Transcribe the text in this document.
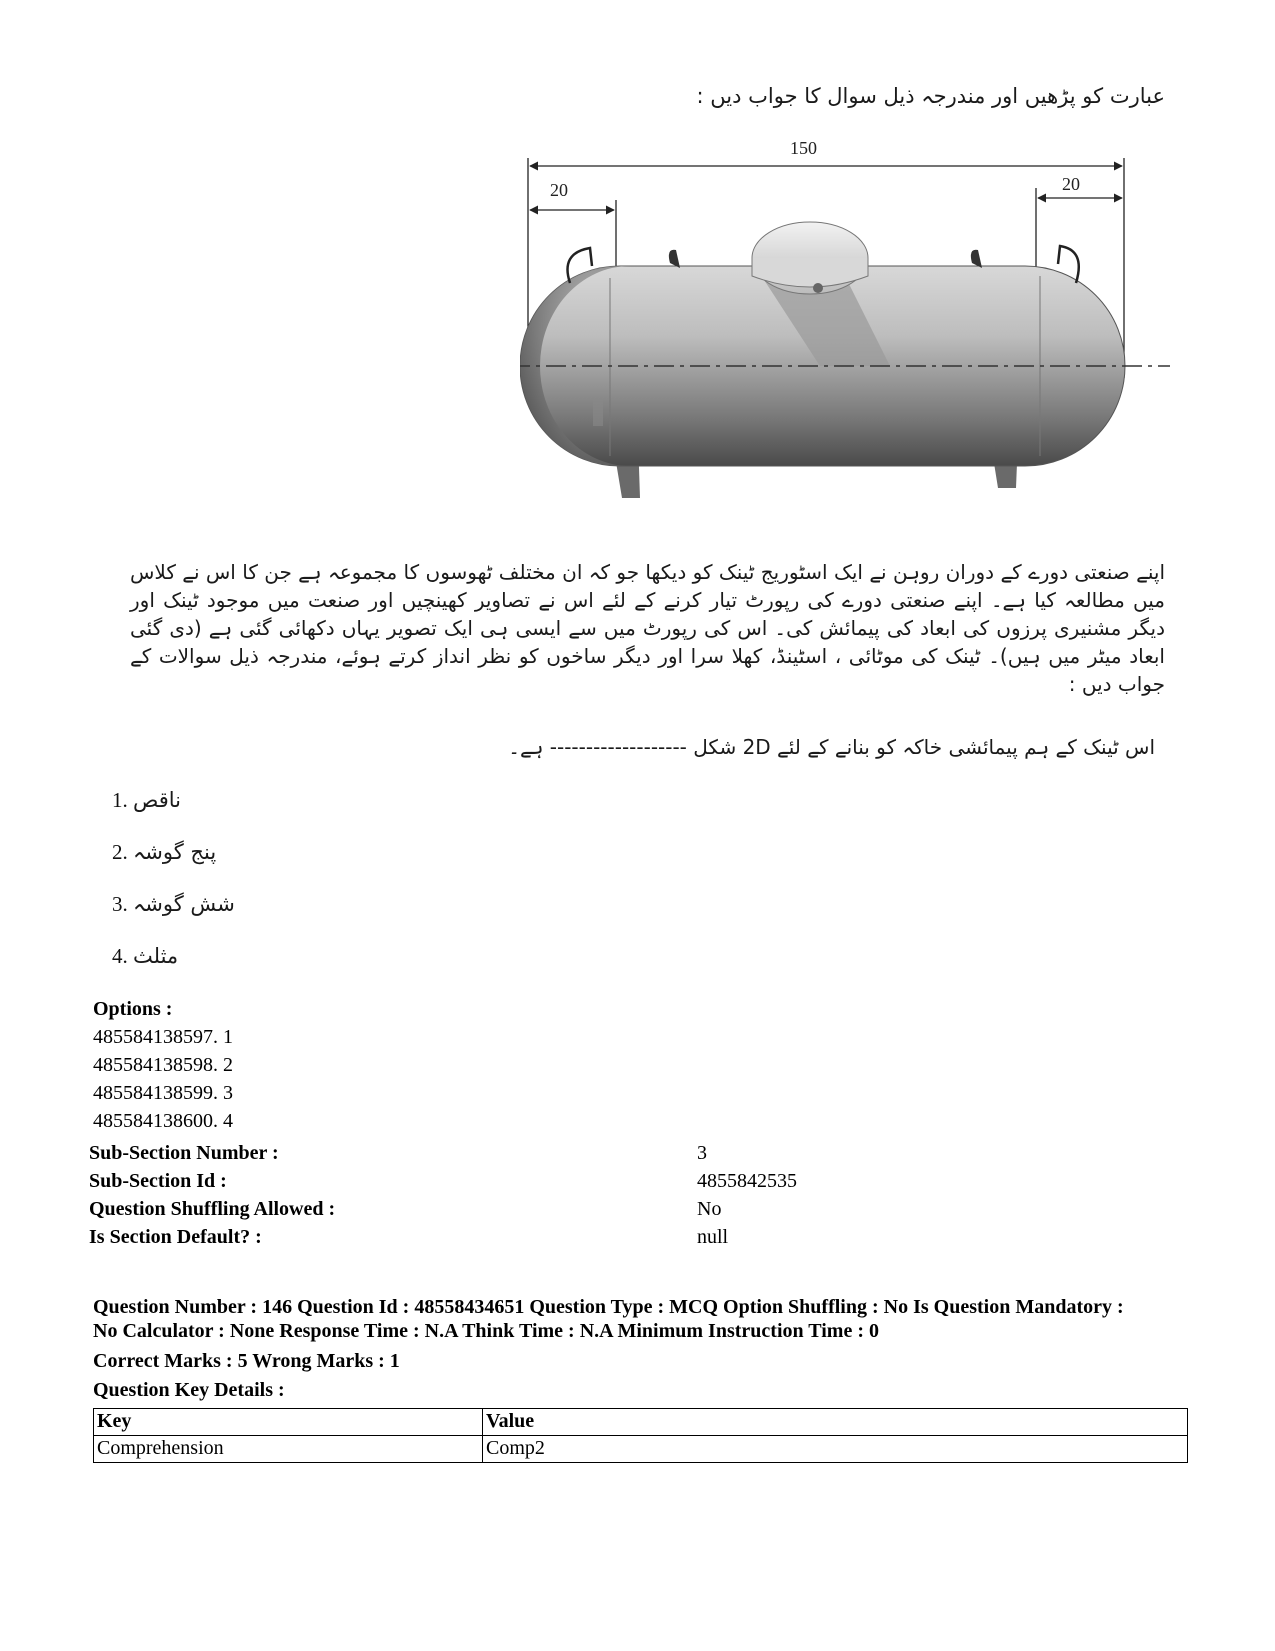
عبارت کو پڑھیں اور مندرجہ ذیل سوال کا جواب دیں :
150
20	20
اپنے صنعتی دورے کے دوران روہن نے ایک اسٹوریج ٹینک کو دیکھا جو کہ ان مختلف ٹھوسوں کا مجموعہ ہے جن کا اس نے کلاس میں مطالعہ کیا ہے۔ اپنے صنعتی دورے کی رپورٹ تیار کرنے کے لئے اس نے تصاویر کھینچیں اور صنعت میں موجود ٹینک اور دیگر مشنیری پرزوں کی ابعاد کی پیمائش کی۔ اس کی رپورٹ میں سے ایسی ہی ایک تصویر یہاں دکھائی گئی ہے (دی گئی ابعاد میٹر میں ہیں)۔ ٹینک کی موٹائی ، اسٹینڈ، کھلا سرا اور دیگر ساخوں کو نظر انداز کرتے ہوئے، مندرجہ ذیل سوالات کے جواب دیں :
اس ٹینک کے ہم پیمائشی خاکہ کو بنانے کے لئے 2D شکل ------------------- ہے۔
1. ناقص
2. پنج گوشہ
3. شش گوشہ
4. مثلث
Options :
485584138597. 1
485584138598. 2
485584138599. 3
485584138600. 4
Sub-Section Number :	3
Sub-Section Id :	4855842535
Question Shuffling Allowed :	No
Is Section Default? :	null
Question Number : 146 Question Id : 48558434651 Question Type : MCQ Option Shuffling : No Is Question Mandatory :
No Calculator : None Response Time : N.A Think Time : N.A Minimum Instruction Time : 0
Correct Marks : 5 Wrong Marks : 1
Question Key Details :
Key	Value
Comprehension	Comp2
